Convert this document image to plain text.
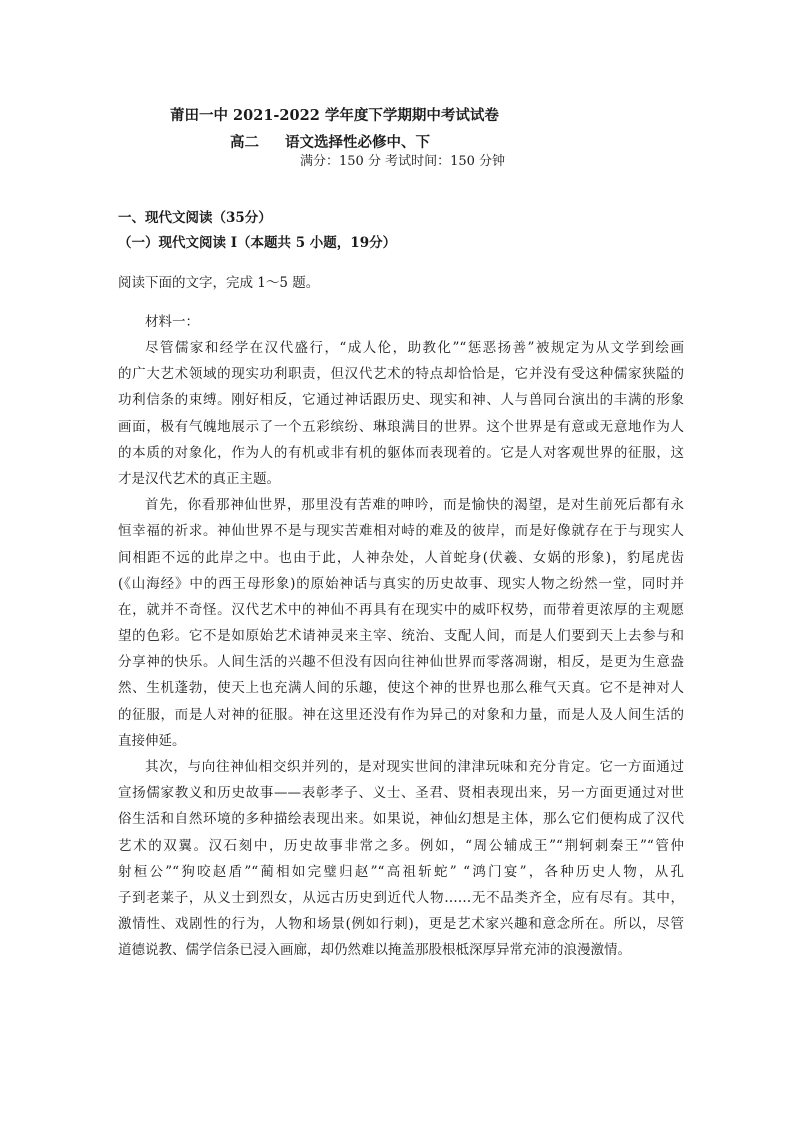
莆田一中 2021-2022 学年度下学期期中考试试卷
高二 语文选择性必修中、下
满分：150 分 考试时间：150 分钟
一、现代文阅读（35分）
（一）现代文阅读 I（本题共 5 小题，19分）
阅读下面的文字，完成 1～5 题。
材料一：
尽管儒家和经学在汉代盛行，“成人伦，助教化”“惩恶扬善”被规定为从文学到绘画
的广大艺术领域的现实功利职责，但汉代艺术的特点却恰恰是，它并没有受这种儒家狭隘的
功利信条的束缚。刚好相反，它通过神话跟历史、现实和神、人与兽同台演出的丰满的形象
画面，极有气魄地展示了一个五彩缤纷、琳琅满目的世界。这个世界是有意或无意地作为人
的本质的对象化，作为人的有机或非有机的躯体而表现着的。它是人对客观世界的征服，这
才是汉代艺术的真正主题。
首先，你看那神仙世界，那里没有苦难的呻吟，而是愉快的渴望，是对生前死后都有永
恒幸福的祈求。神仙世界不是与现实苦难相对峙的难及的彼岸，而是好像就存在于与现实人
间相距不远的此岸之中。也由于此，人神杂处，人首蛇身(伏羲、女娲的形象)，豹尾虎齿
(《山海经》中的西王母形象)的原始神话与真实的历史故事、现实人物之纷然一堂，同时并
在，就并不奇怪。汉代艺术中的神仙不再具有在现实中的威吓权势，而带着更浓厚的主观愿
望的色彩。它不是如原始艺术请神灵来主宰、统治、支配人间，而是人们要到天上去参与和
分享神的快乐。人间生活的兴趣不但没有因向往神仙世界而零落凋谢，相反，是更为生意盎
然、生机蓬勃，使天上也充满人间的乐趣，使这个神的世界也那么稚气天真。它不是神对人
的征服，而是人对神的征服。神在这里还没有作为异己的对象和力量，而是人及人间生活的
直接伸延。
其次，与向往神仙相交织并列的，是对现实世间的津津玩味和充分肯定。它一方面通过
宣扬儒家教义和历史故事——表彰孝子、义士、圣君、贤相表现出来，另一方面更通过对世
俗生活和自然环境的多种描绘表现出来。如果说，神仙幻想是主体，那么它们便构成了汉代
艺术的双翼。汉石刻中，历史故事非常之多。例如，“周公辅成王”“荆轲刺秦王”“管仲
射桓公”“狗咬赵盾”“蔺相如完璧归赵”“高祖斩蛇” “鸿门宴”，各种历史人物，从孔
子到老莱子，从义士到烈女，从远古历史到近代人物……无不品类齐全，应有尽有。其中，
激情性、戏剧性的行为，人物和场景(例如行刺)，更是艺术家兴趣和意念所在。所以，尽管
道德说教、儒学信条已浸入画廊，却仍然难以掩盖那股根柢深厚异常充沛的浪漫激情。
